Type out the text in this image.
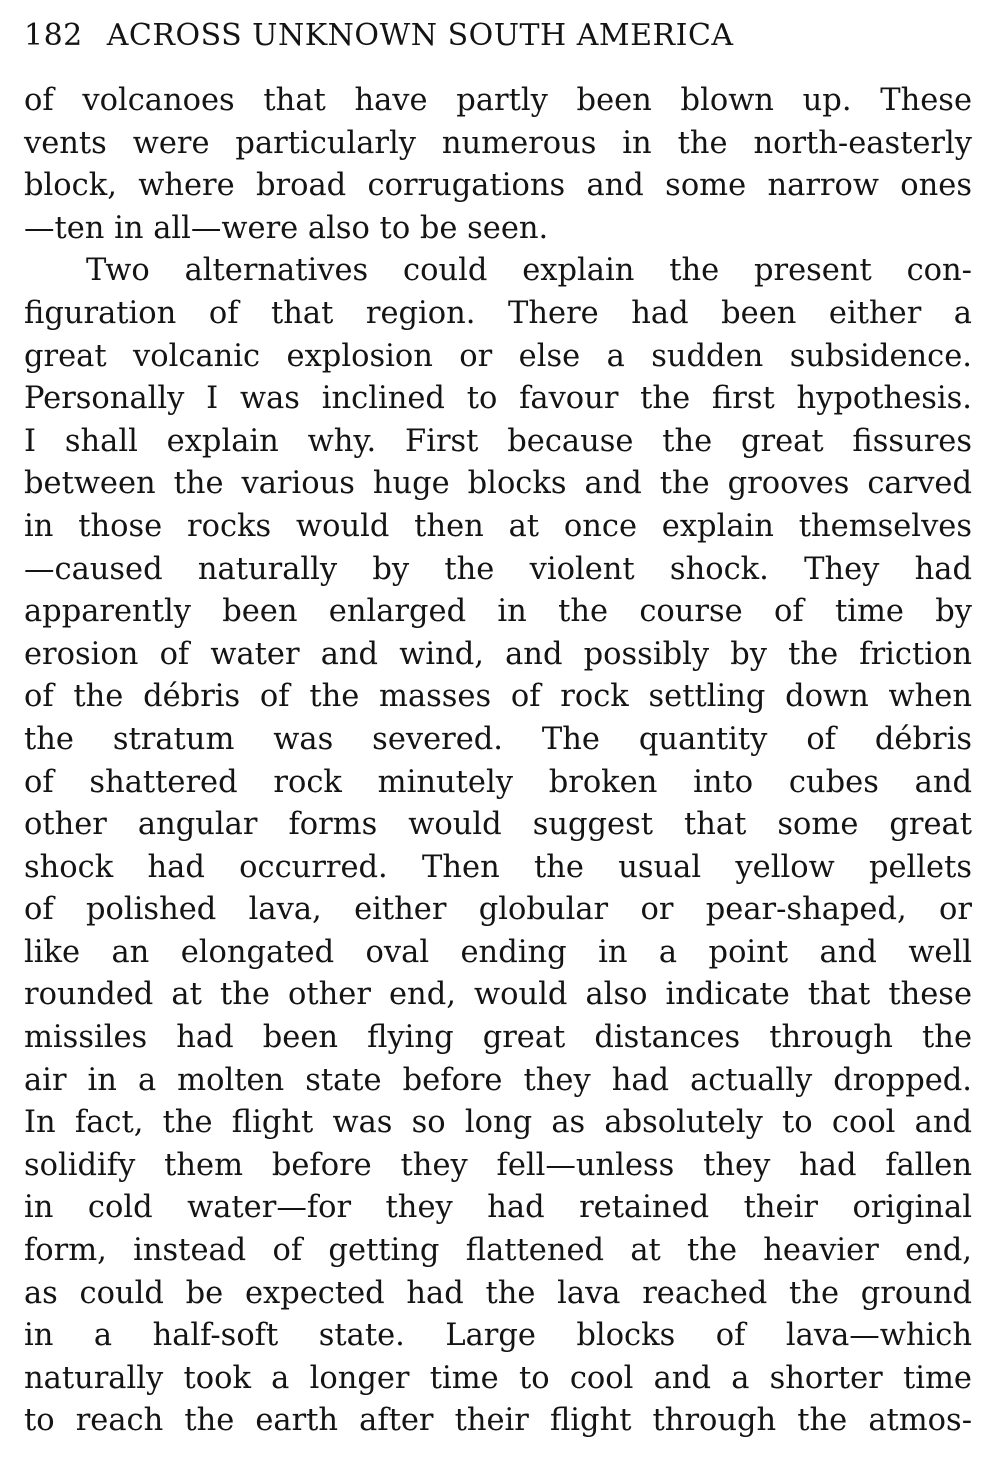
182 ACROSS UNKNOWN SOUTH AMERICA
of volcanoes that have partly been blown up. These
vents were particularly numerous in the north-easterly
block, where broad corrugations and some narrow ones
—ten in all—were also to be seen.
Two alternatives could explain the present con-
figuration of that region. There had been either a
great volcanic explosion or else a sudden subsidence.
Personally I was inclined to favour the first hypothesis.
I shall explain why. First because the great fissures
between the various huge blocks and the grooves carved
in those rocks would then at once explain themselves
—caused naturally by the violent shock. They had
apparently been enlarged in the course of time by
erosion of water and wind, and possibly by the friction
of the débris of the masses of rock settling down when
the stratum was severed. The quantity of débris
of shattered rock minutely broken into cubes and
other angular forms would suggest that some great
shock had occurred. Then the usual yellow pellets
of polished lava, either globular or pear-shaped, or
like an elongated oval ending in a point and well
rounded at the other end, would also indicate that these
missiles had been flying great distances through the
air in a molten state before they had actually dropped.
In fact, the flight was so long as absolutely to cool and
solidify them before they fell—unless they had fallen
in cold water—for they had retained their original
form, instead of getting flattened at the heavier end,
as could be expected had the lava reached the ground
in a half-soft state. Large blocks of lava—which
naturally took a longer time to cool and a shorter time
to reach the earth after their flight through the atmos-
